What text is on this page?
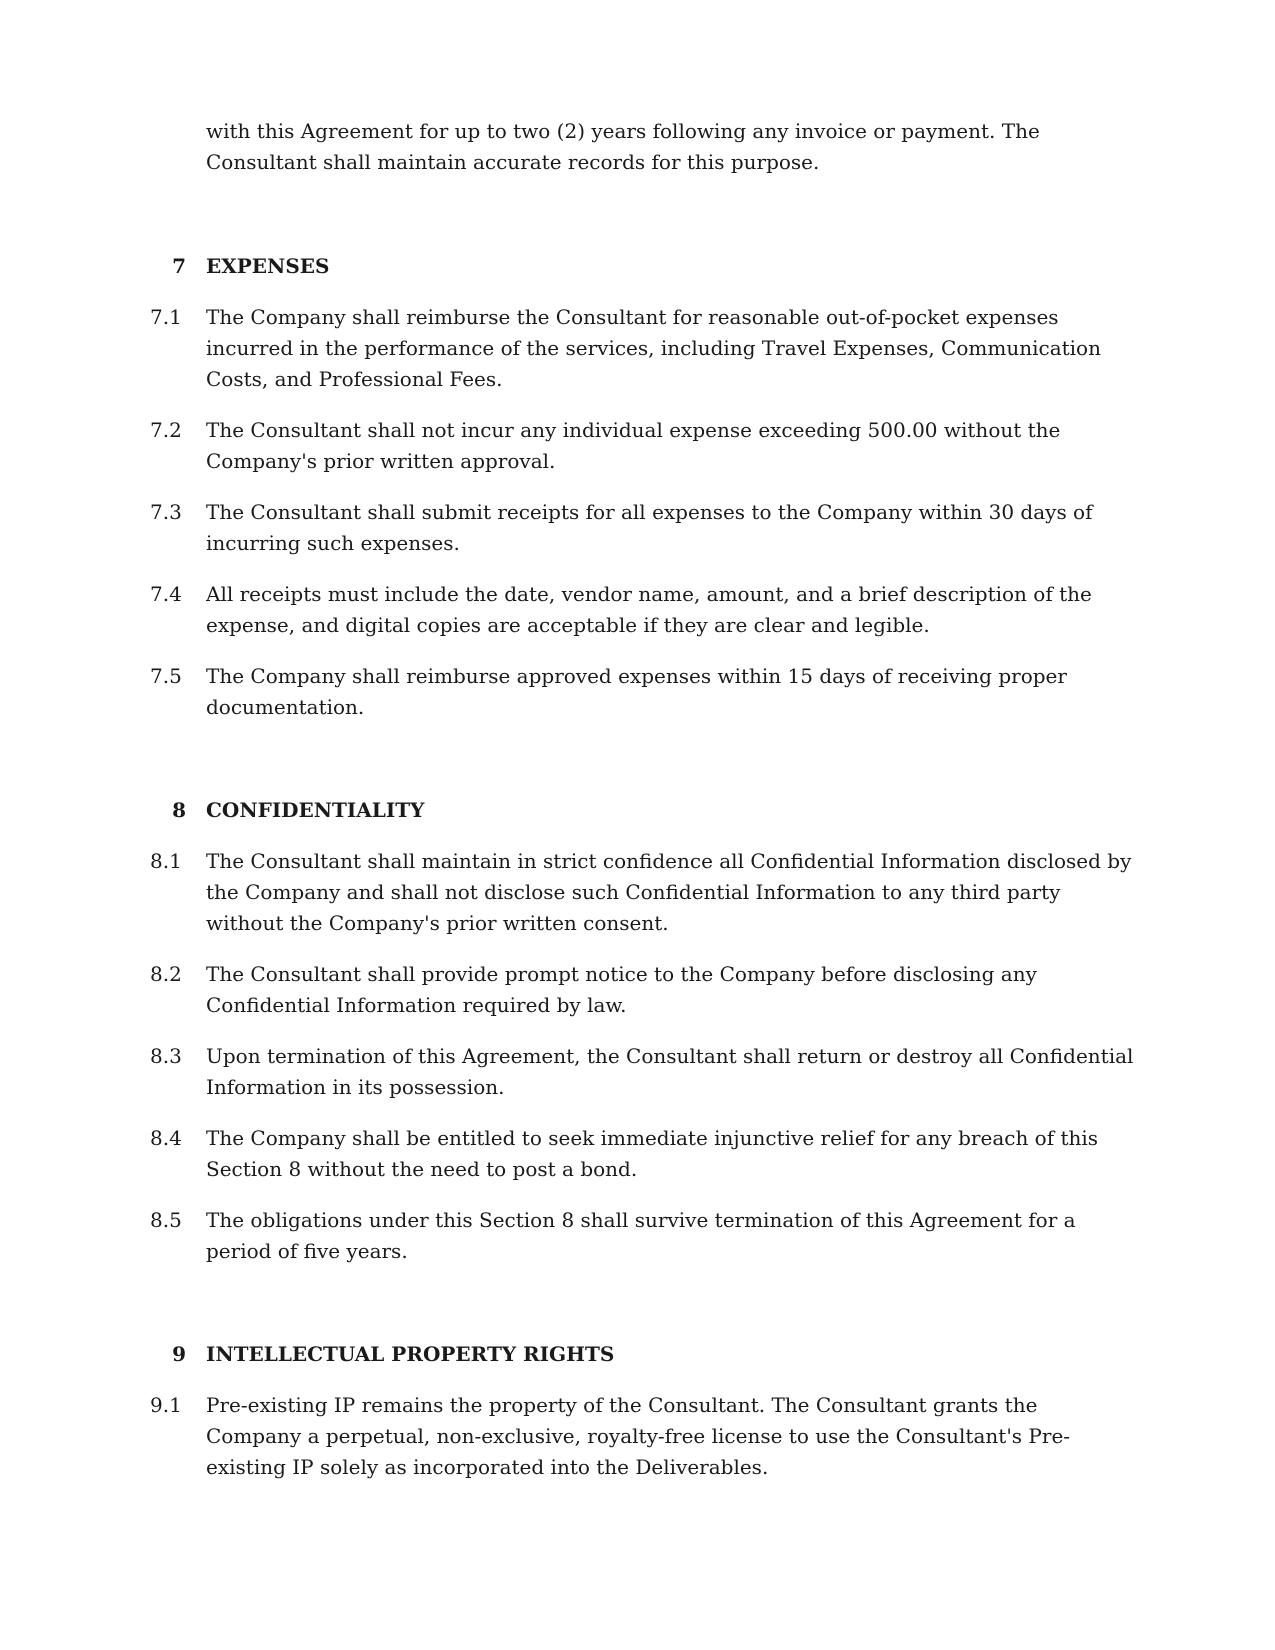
with this Agreement for up to two (2) years following any invoice or payment. The Consultant shall maintain accurate records for this purpose.
7 EXPENSES
7.1	The Company shall reimburse the Consultant for reasonable out-of-pocket expenses incurred in the performance of the services, including Travel Expenses, Communication Costs, and Professional Fees.
7.2	The Consultant shall not incur any individual expense exceeding 500.00 without the Company's prior written approval.
7.3	The Consultant shall submit receipts for all expenses to the Company within 30 days of incurring such expenses.
7.4	All receipts must include the date, vendor name, amount, and a brief description of the expense, and digital copies are acceptable if they are clear and legible.
7.5	The Company shall reimburse approved expenses within 15 days of receiving proper documentation.
8 CONFIDENTIALITY
8.1	The Consultant shall maintain in strict confidence all Confidential Information disclosed by the Company and shall not disclose such Confidential Information to any third party without the Company's prior written consent.
8.2	The Consultant shall provide prompt notice to the Company before disclosing any Confidential Information required by law.
8.3	Upon termination of this Agreement, the Consultant shall return or destroy all Confidential Information in its possession.
8.4	The Company shall be entitled to seek immediate injunctive relief for any breach of this Section 8 without the need to post a bond.
8.5	The obligations under this Section 8 shall survive termination of this Agreement for a period of five years.
9 INTELLECTUAL PROPERTY RIGHTS
9.1	Pre-existing IP remains the property of the Consultant. The Consultant grants the Company a perpetual, non-exclusive, royalty-free license to use the Consultant's Pre-existing IP solely as incorporated into the Deliverables.
